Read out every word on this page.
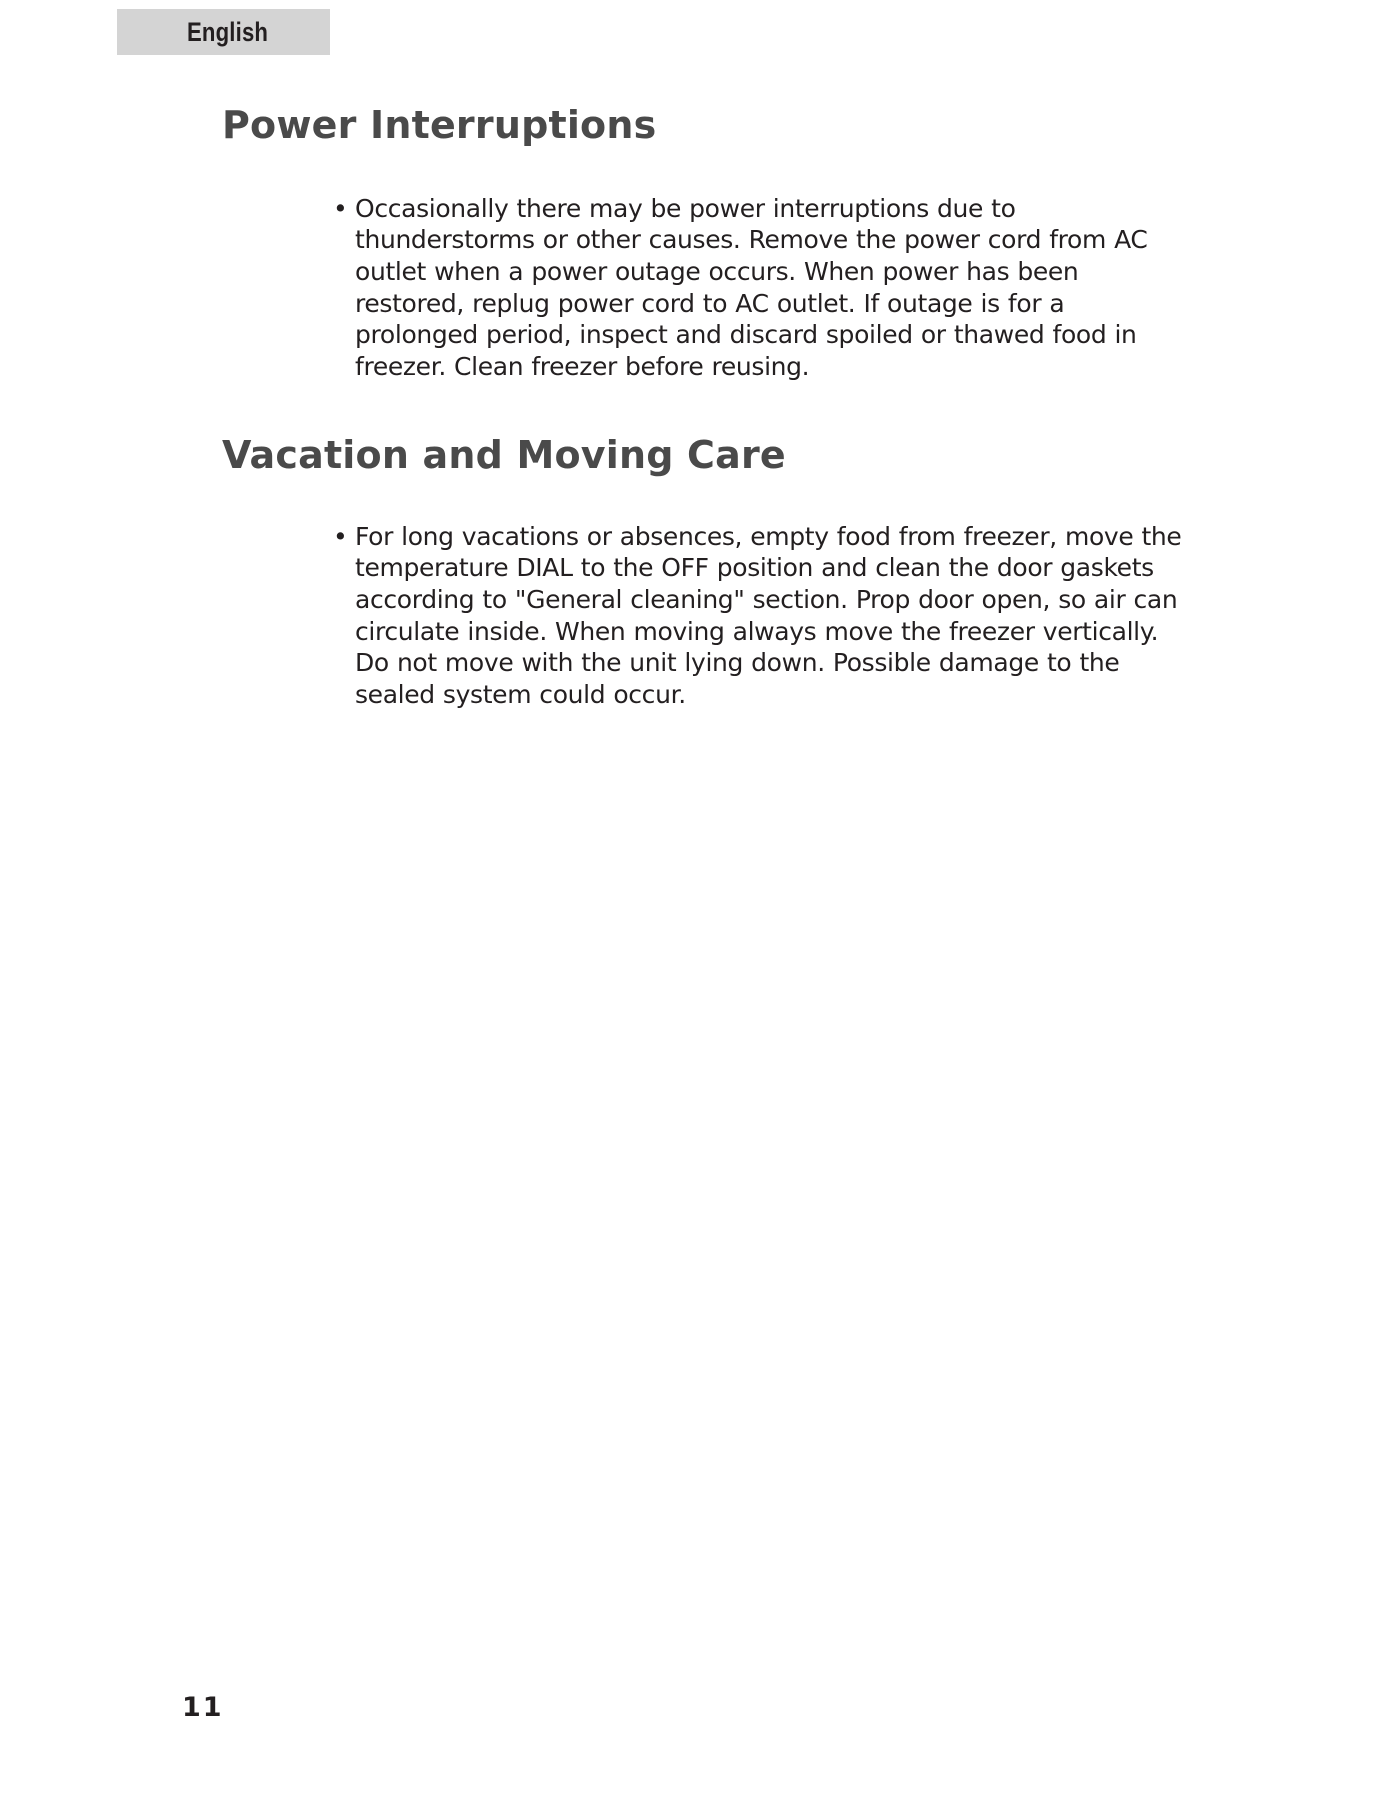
English
Power Interruptions
• Occasionally there may be power interruptions due to thunderstorms or other causes. Remove the power cord from AC outlet when a power outage occurs. When power has been restored, replug power cord to AC outlet. If outage is for a prolonged period, inspect and discard spoiled or thawed food in freezer. Clean freezer before reusing.
Vacation and Moving Care
• For long vacations or absences, empty food from freezer, move the temperature DIAL to the OFF position and clean the door gaskets according to "General cleaning" section. Prop door open, so air can circulate inside. When moving always move the freezer vertically. Do not move with the unit lying down. Possible damage to the sealed system could occur.
11
